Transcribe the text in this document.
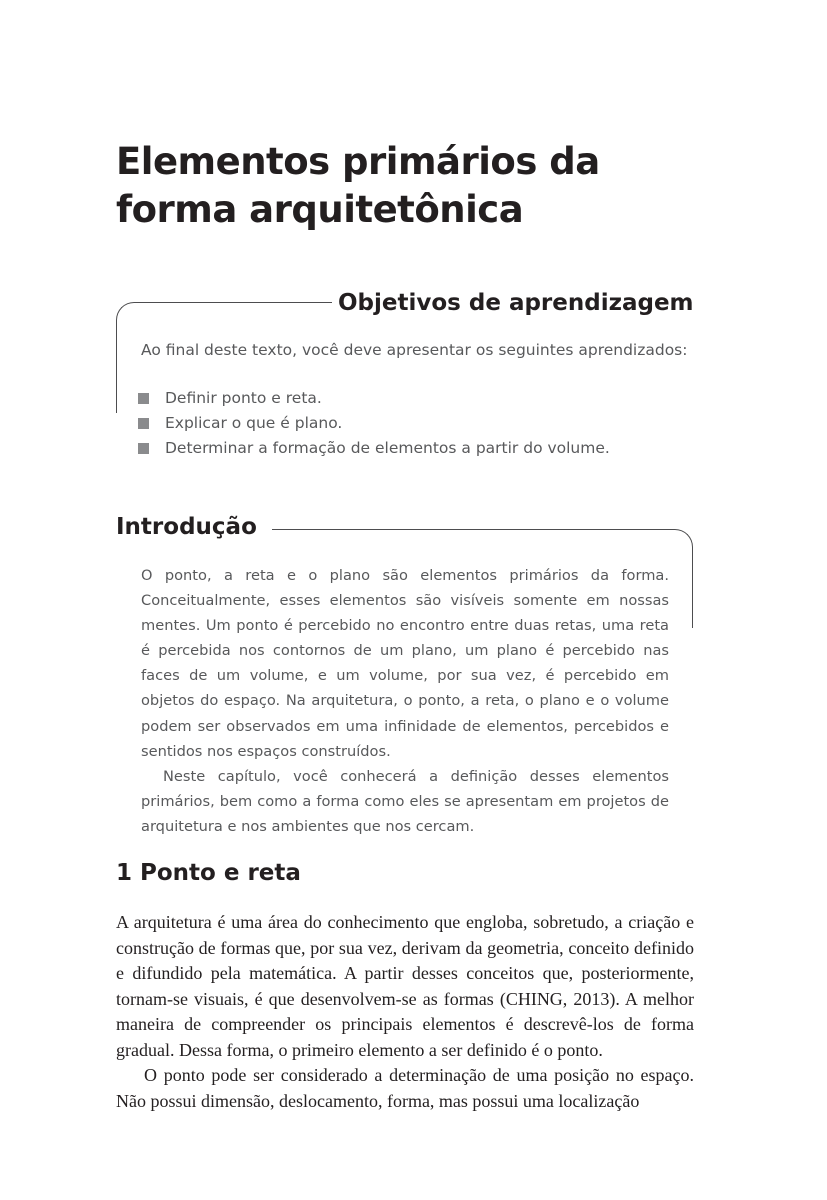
Elementos primários da
forma arquitetônica
Objetivos de aprendizagem

Ao final deste texto, você deve apresentar os seguintes aprendizados:

Definir ponto e reta.
Explicar o que é plano.
Determinar a formação de elementos a partir do volume.
Introdução

O ponto, a reta e o plano são elementos primários da forma. Conceitualmente, esses elementos são visíveis somente em nossas mentes. Um ponto é percebido no encontro entre duas retas, uma reta é percebida nos contornos de um plano, um plano é percebido nas faces de um volume, e um volume, por sua vez, é percebido em objetos do espaço. Na arquitetura, o ponto, a reta, o plano e o volume podem ser observados em uma infinidade de elementos, percebidos e sentidos nos espaços construídos.

Neste capítulo, você conhecerá a definição desses elementos primários, bem como a forma como eles se apresentam em projetos de arquitetura e nos ambientes que nos cercam.

1 Ponto e reta

A arquitetura é uma área do conhecimento que engloba, sobretudo, a criação e construção de formas que, por sua vez, derivam da geometria, conceito definido e difundido pela matemática. A partir desses conceitos que, posteriormente, tornam-se visuais, é que desenvolvem-se as formas (CHING, 2013). A melhor maneira de compreender os principais elementos é descrevê-los de forma gradual. Dessa forma, o primeiro elemento a ser definido é o ponto.

O ponto pode ser considerado a determinação de uma posição no espaço. Não possui dimensão, deslocamento, forma, mas possui uma localização
